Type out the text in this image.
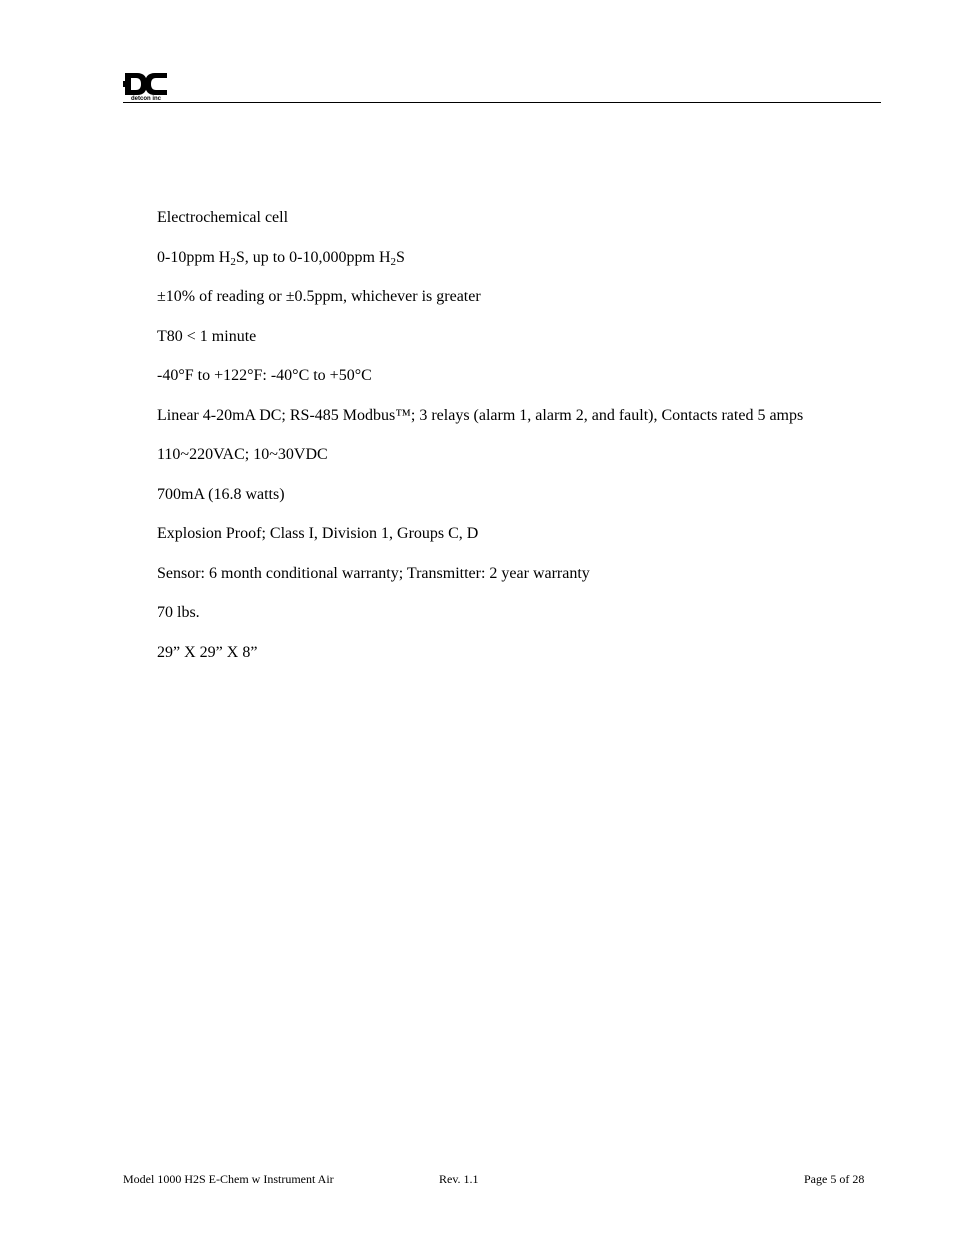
detcon inc
Electrochemical cell
0-10ppm $H_2S$, up to 0-10,000ppm $H_2S$
±10% of reading or ±0.5ppm, whichever is greater
T80 < 1 minute
-40°F to +122°F: -40°C to +50°C
Linear 4-20mA DC; RS-485 Modbus™; 3 relays (alarm 1, alarm 2, and fault), Contacts rated 5 amps
110~220VAC; 10~30VDC
700mA (16.8 watts)
Explosion Proof; Class I, Division 1, Groups C, D
Sensor: 6 month conditional warranty; Transmitter: 2 year warranty
70 lbs.
29” X 29” X 8”
Model 1000 H2S E-Chem w Instrument Air	Rev. 1.1	Page 5 of 28
